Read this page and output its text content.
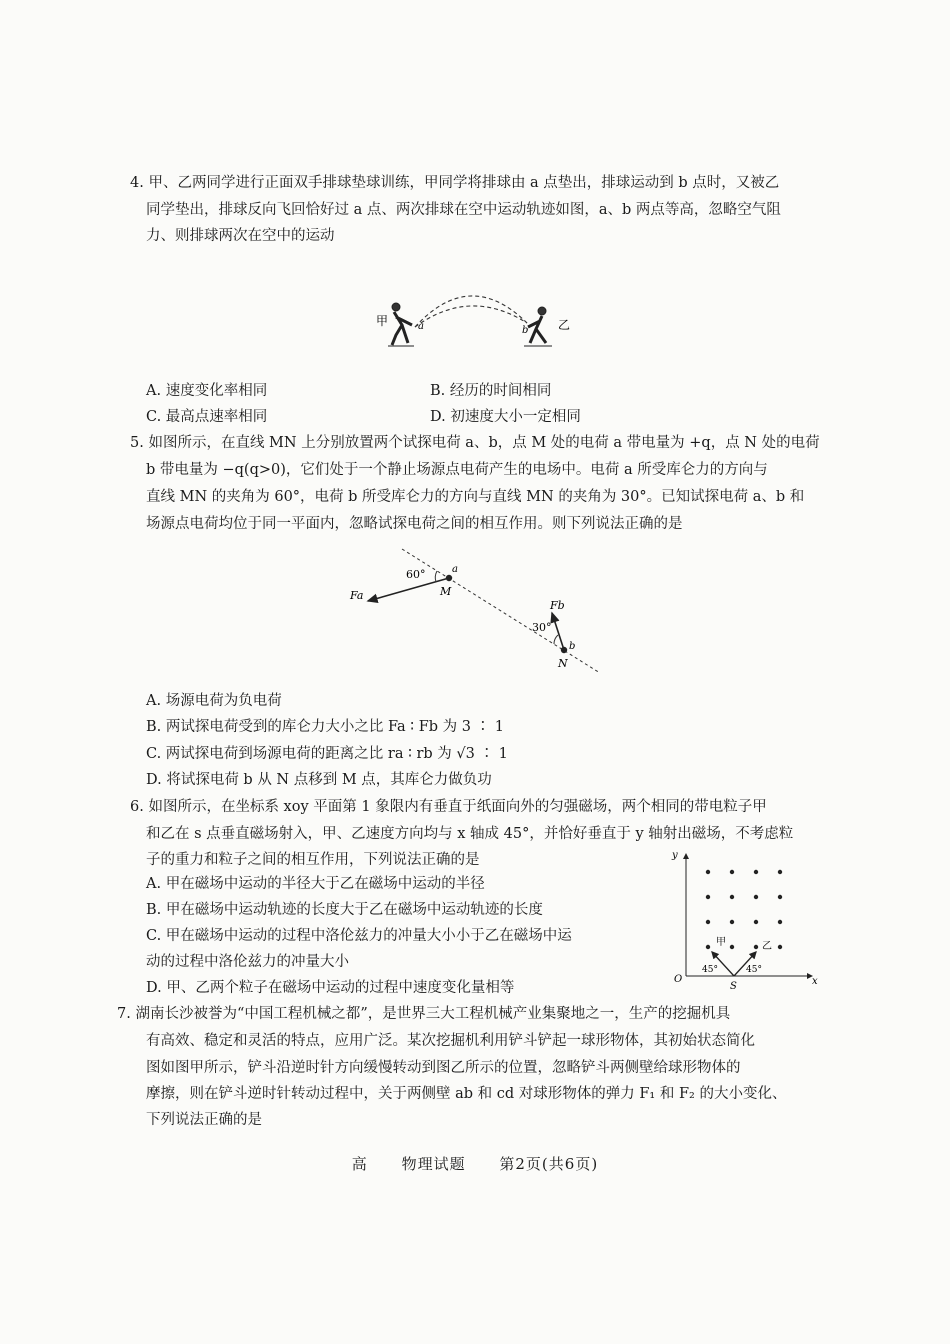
4. 甲、乙两同学进行正面双手排球垫球训练，甲同学将排球由 a 点垫出，排球运动到 b 点时，又被乙
同学垫出，排球反向飞回恰好过 a 点、两次排球在空中运动轨迹如图，a、b 两点等高，忽略空气阻
力、则排球两次在空中的运动
甲	a	b 乙
A. 速度变化率相同	B. 经历的时间相同
C. 最高点速率相同	D. 初速度大小一定相同
5. 如图所示，在直线 MN 上分别放置两个试探电荷 a、b，点 M 处的电荷 a 带电量为 +q，点 N 处的电荷
b 带电量为 −q(q>0)，它们处于一个静止场源点电荷产生的电场中。电荷 a 所受库仑力的方向与
直线 MN 的夹角为 60°，电荷 b 所受库仑力的方向与直线 MN 的夹角为 30°。已知试探电荷 a、b 和
场源点电荷均位于同一平面内，忽略试探电荷之间的相互作用。则下列说法正确的是
60°	a
M
Fa
Fb
30°
b
N
A. 场源电荷为负电荷
B. 两试探电荷受到的库仑力大小之比 Fa ∶ Fb 为 3 ∶ 1
C. 两试探电荷到场源电荷的距离之比 ra ∶ rb 为 √3 ∶ 1
D. 将试探电荷 b 从 N 点移到 M 点，其库仑力做负功
6. 如图所示，在坐标系 xoy 平面第 1 象限内有垂直于纸面向外的匀强磁场，两个相同的带电粒子甲
和乙在 s 点垂直磁场射入，甲、乙速度方向均与 x 轴成 45°，并恰好垂直于 y 轴射出磁场，不考虑粒
子的重力和粒子之间的相互作用，下列说法正确的是
A. 甲在磁场中运动的半径大于乙在磁场中运动的半径
B. 甲在磁场中运动轨迹的长度大于乙在磁场中运动轨迹的长度
C. 甲在磁场中运动的过程中洛伦兹力的冲量大小小于乙在磁场中运
动的过程中洛伦兹力的冲量大小
D. 甲、乙两个粒子在磁场中运动的过程中速度变化量相等
y
x
O
S
甲	乙
45°	45°
7. 湖南长沙被誉为“中国工程机械之都”，是世界三大工程机械产业集聚地之一，生产的挖掘机具
有高效、稳定和灵活的特点，应用广泛。某次挖掘机利用铲斗铲起一球形物体，其初始状态简化
图如图甲所示，铲斗沿逆时针方向缓慢转动到图乙所示的位置，忽略铲斗两侧壁给球形物体的
摩擦，则在铲斗逆时针转动过程中，关于两侧壁 ab 和 cd 对球形物体的弹力 F₁ 和 F₂ 的大小变化、
下列说法正确的是
高 物理试题 第2页(共6页)
